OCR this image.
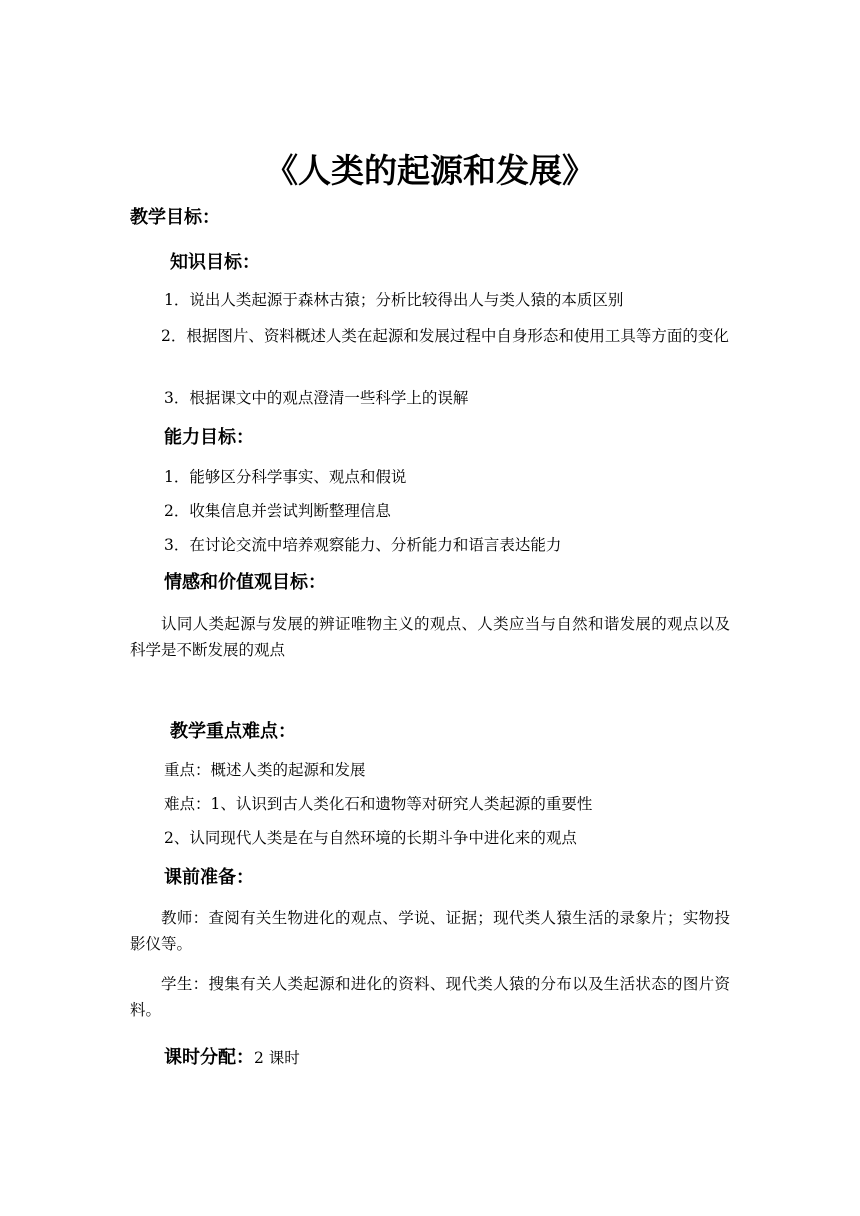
《人类的起源和发展》
教学目标：
知识目标：
1．说出人类起源于森林古猿；分析比较得出人与类人猿的本质区别
2．根据图片、资料概述人类在起源和发展过程中自身形态和使用工具等方面的变化
3．根据课文中的观点澄清一些科学上的误解
能力目标：
1．能够区分科学事实、观点和假说
2．收集信息并尝试判断整理信息
3．在讨论交流中培养观察能力、分析能力和语言表达能力
情感和价值观目标：
认同人类起源与发展的辨证唯物主义的观点、人类应当与自然和谐发展的观点以及科学是不断发展的观点
教学重点难点：
重点：概述人类的起源和发展
难点：1、认识到古人类化石和遗物等对研究人类起源的重要性
2、认同现代人类是在与自然环境的长期斗争中进化来的观点
课前准备：
教师：查阅有关生物进化的观点、学说、证据；现代类人猿生活的录象片；实物投影仪等。
学生：搜集有关人类起源和进化的资料、现代类人猿的分布以及生活状态的图片资料。
课时分配：2 课时
